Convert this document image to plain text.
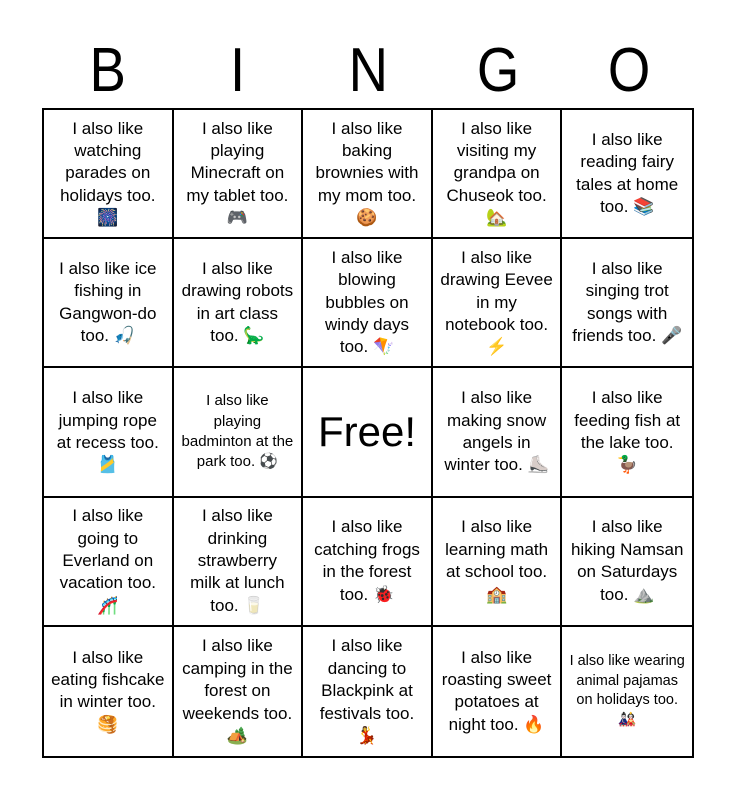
B I N G O
I also like watching parades on holidays too. 🎆
I also like playing Minecraft on my tablet too. 🎮
I also like baking brownies with my mom too. 🍪
I also like visiting my grandpa on Chuseok too. 🏡
I also like reading fairy tales at home too. 📚
I also like ice fishing in Gangwon-do too. 🎣
I also like drawing robots in art class too. 🦕
I also like blowing bubbles on windy days too. 🪁
I also like drawing Eevee in my notebook too. ⚡
I also like singing trot songs with friends too. 🎤
I also like jumping rope at recess too. 🎽
I also like playing badminton at the park too. ⚽
Free!
I also like making snow angels in winter too. ⛸️
I also like feeding fish at the lake too. 🦆
I also like going to Everland on vacation too. 🎢
I also like drinking strawberry milk at lunch too. 🥛
I also like catching frogs in the forest too. 🐞
I also like learning math at school too. 🏫
I also like hiking Namsan on Saturdays too. ⛰️
I also like eating fishcake in winter too. 🥞
I also like camping in the forest on weekends too. 🏕️
I also like dancing to Blackpink at festivals too. 💃
I also like roasting sweet potatoes at night too. 🔥
I also like wearing animal pajamas on holidays too. 🎎
